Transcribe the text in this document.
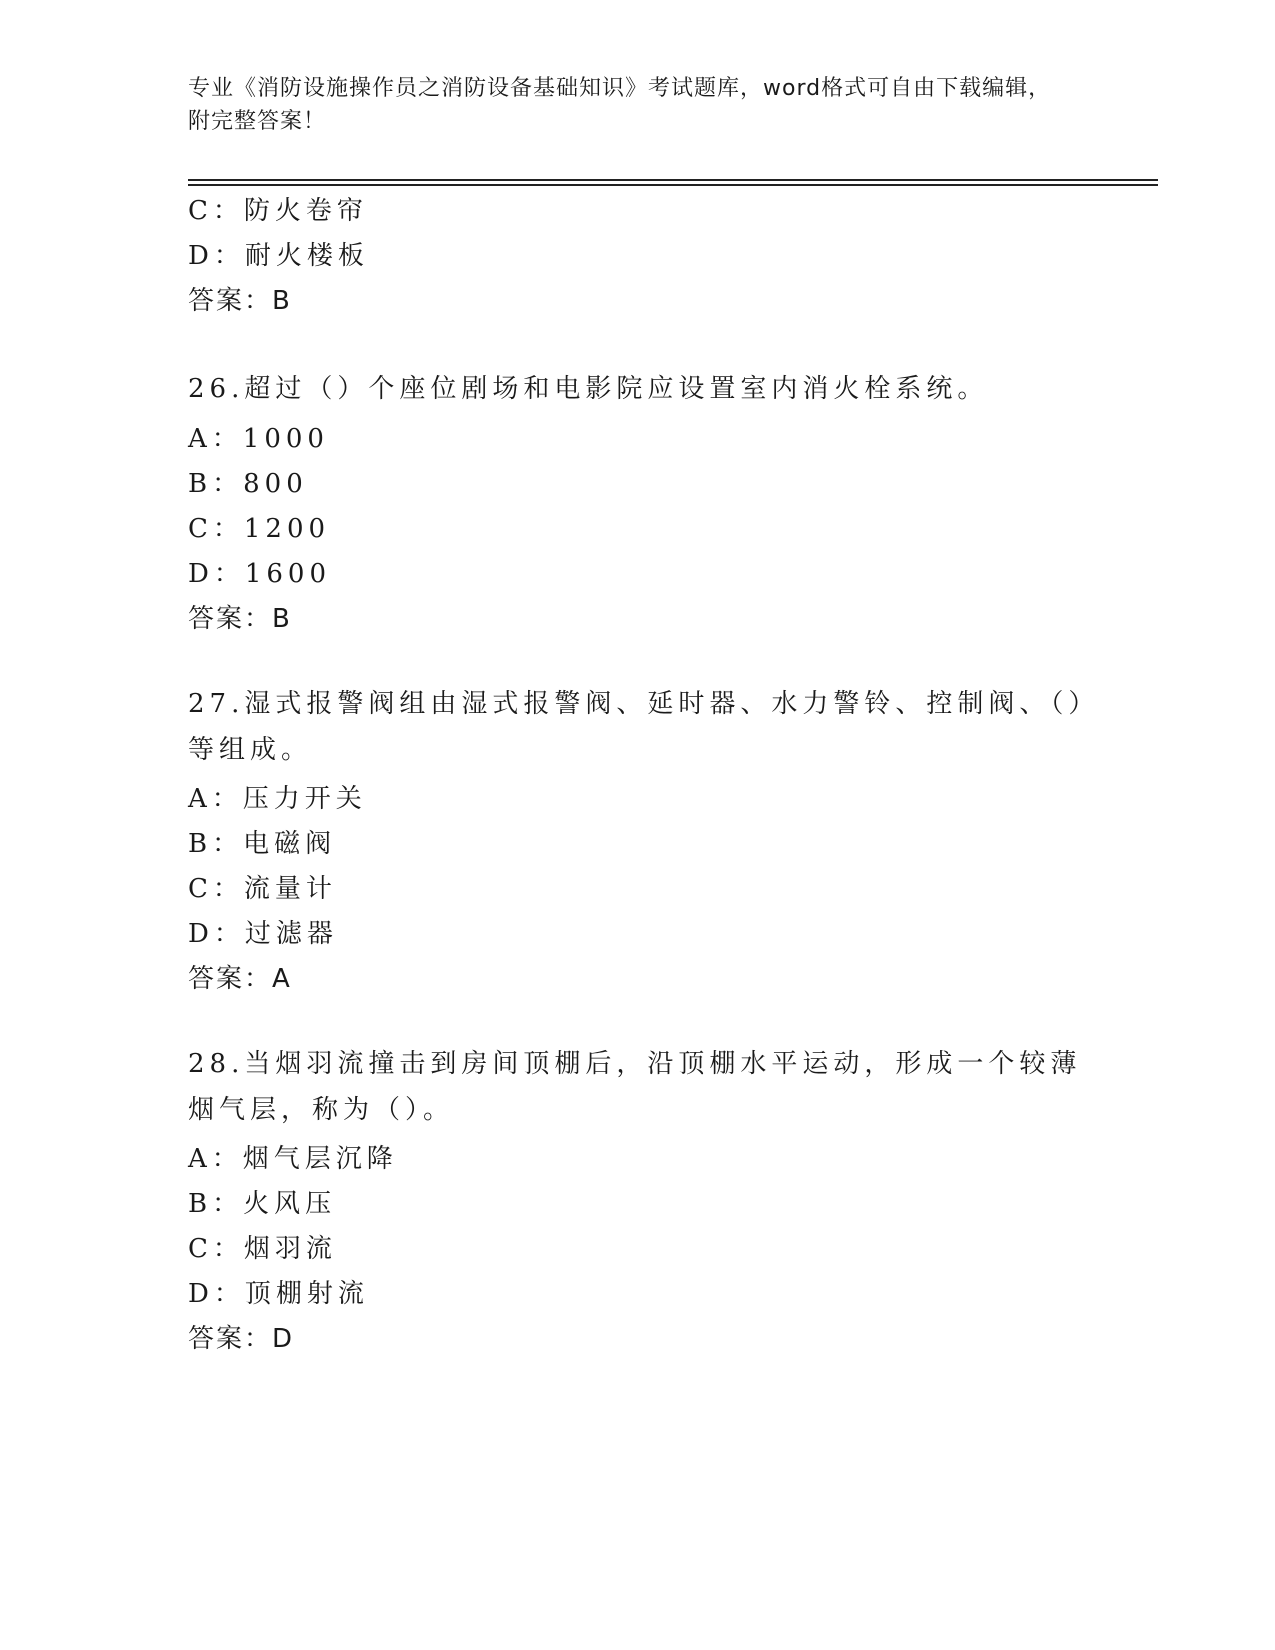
专业《消防设施操作员之消防设备基础知识》考试题库，word格式可自由下载编辑，附完整答案！
C：防火卷帘
D：耐火楼板
答案：B
26.超过（）个座位剧场和电影院应设置室内消火栓系统。
A：1000
B：800
C：1200
D：1600
答案：B
27.湿式报警阀组由湿式报警阀、延时器、水力警铃、控制阀、（）等组成。
A：压力开关
B：电磁阀
C：流量计
D：过滤器
答案：A
28.当烟羽流撞击到房间顶棚后，沿顶棚水平运动，形成一个较薄烟气层，称为（）。
A：烟气层沉降
B：火风压
C：烟羽流
D：顶棚射流
答案：D
